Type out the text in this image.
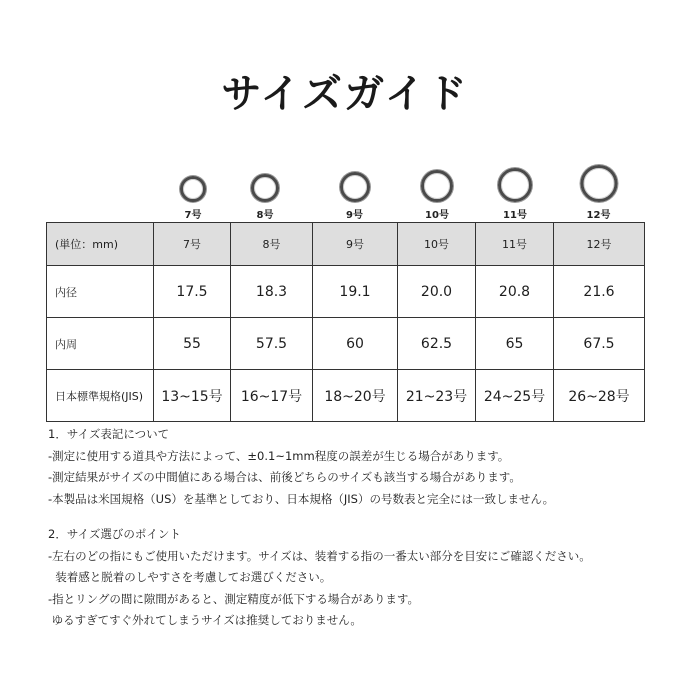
サイズガイド
7号	8号	9号	10号	11号	12号
(単位：mm)	7号	8号	9号	10号	11号	12号
内径	17.5	18.3	19.1	20.0	20.8	21.6
内周	55	57.5	60	62.5	65	67.5
日本標準規格(JIS)	13~15号	16~17号	18~20号	21~23号	24~25号	26~28号
1．サイズ表記について
-測定に使用する道具や方法によって、±0.1~1mm程度の誤差が生じる場合があります。
-測定結果がサイズの中間値にある場合は、前後どちらのサイズも該当する場合があります。
-本製品は米国規格（US）を基準としており、日本規格（JIS）の号数表と完全には一致しません。
2．サイズ選びのポイント
-左右のどの指にもご使用いただけます。サイズは、装着する指の一番太い部分を目安にご確認ください。
装着感と脱着のしやすさを考慮してお選びください。
-指とリングの間に隙間があると、測定精度が低下する場合があります。
ゆるすぎてすぐ外れてしまうサイズは推奨しておりません。
